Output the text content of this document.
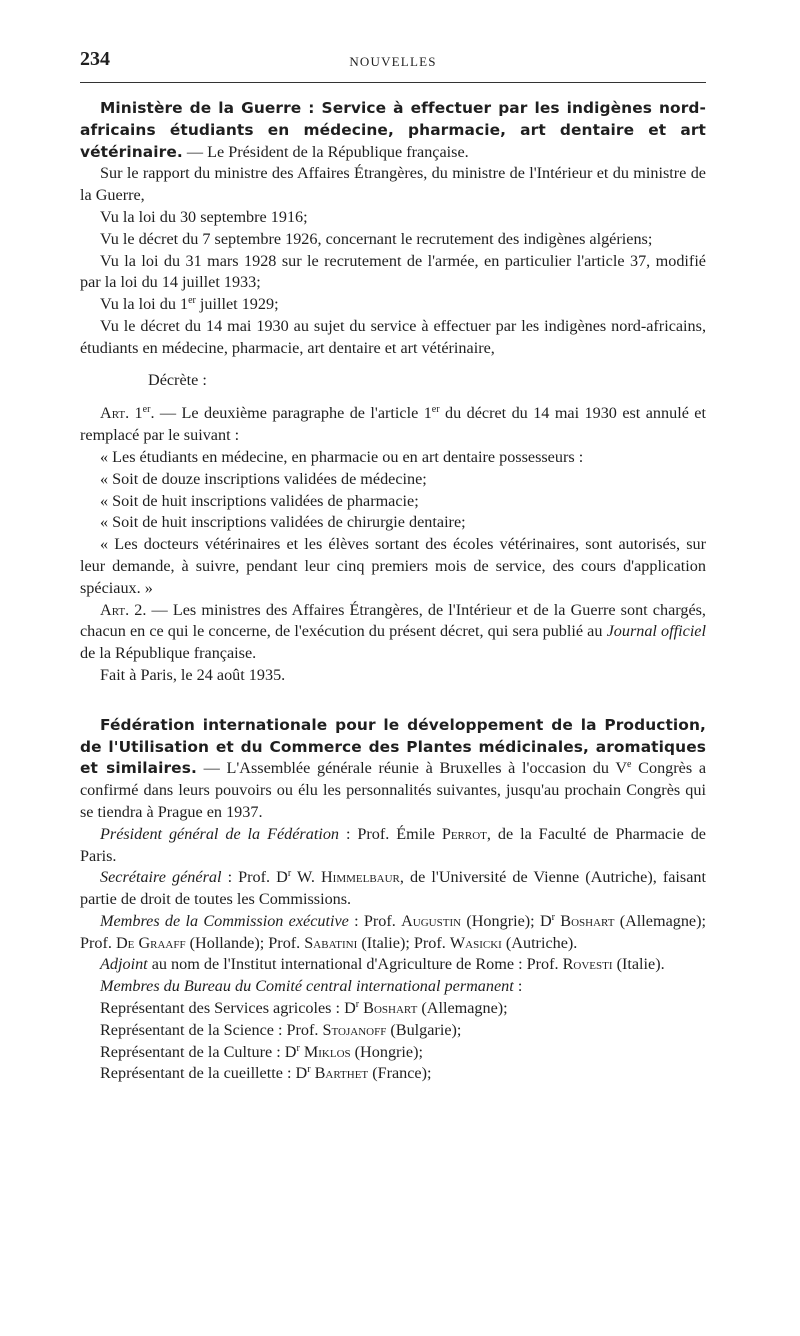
234	NOUVELLES

Ministère de la Guerre : Service à effectuer par les indigènes nord-africains étudiants en médecine, pharmacie, art dentaire et art vétérinaire. — Le Président de la République française.

Sur le rapport du ministre des Affaires Étrangères, du ministre de l'Intérieur et du ministre de la Guerre,

Vu la loi du 30 septembre 1916;

Vu le décret du 7 septembre 1926, concernant le recrutement des indigènes algériens;

Vu la loi du 31 mars 1928 sur le recrutement de l'armée, en particulier l'article 37, modifié par la loi du 14 juillet 1933;

Vu la loi du 1er juillet 1929;

Vu le décret du 14 mai 1930 au sujet du service à effectuer par les indigènes nord-africains, étudiants en médecine, pharmacie, art dentaire et art vétérinaire,

Décrète :

Art. 1er. — Le deuxième paragraphe de l'article 1er du décret du 14 mai 1930 est annulé et remplacé par le suivant :

« Les étudiants en médecine, en pharmacie ou en art dentaire possesseurs :

« Soit de douze inscriptions validées de médecine;

« Soit de huit inscriptions validées de pharmacie;

« Soit de huit inscriptions validées de chirurgie dentaire;

« Les docteurs vétérinaires et les élèves sortant des écoles vétérinaires, sont autorisés, sur leur demande, à suivre, pendant leur cinq premiers mois de service, des cours d'application spéciaux. »

Art. 2. — Les ministres des Affaires Étrangères, de l'Intérieur et de la Guerre sont chargés, chacun en ce qui le concerne, de l'exécution du présent décret, qui sera publié au Journal officiel de la République française.

Fait à Paris, le 24 août 1935.

Fédération internationale pour le développement de la Production, de l'Utilisation et du Commerce des Plantes médicinales, aromatiques et similaires. — L'Assemblée générale réunie à Bruxelles à l'occasion du Ve Congrès a confirmé dans leurs pouvoirs ou élu les personnalités suivantes, jusqu'au prochain Congrès qui se tiendra à Prague en 1937.

Président général de la Fédération : Prof. Émile Perrot, de la Faculté de Pharmacie de Paris.

Secrétaire général : Prof. $D^r$ W. Himmelbaur, de l'Université de Vienne (Autriche), faisant partie de droit de toutes les Commissions.

Membres de la Commission exécutive : Prof. Augustin (Hongrie); $D^r$ Boshart (Allemagne); Prof. De Graaff (Hollande); Prof. Sabatini (Italie); Prof. Wasicki (Autriche).

Adjoint au nom de l'Institut international d'Agriculture de Rome : Prof. Rovesti (Italie).

Membres du Bureau du Comité central international permanent :

Représentant des Services agricoles : $D^r$ Boshart (Allemagne);

Représentant de la Science : Prof. Stojanoff (Bulgarie);

Représentant de la Culture : $D^r$ Miklos (Hongrie);

Représentant de la cueillette : $D^r$ Barthet (France);
